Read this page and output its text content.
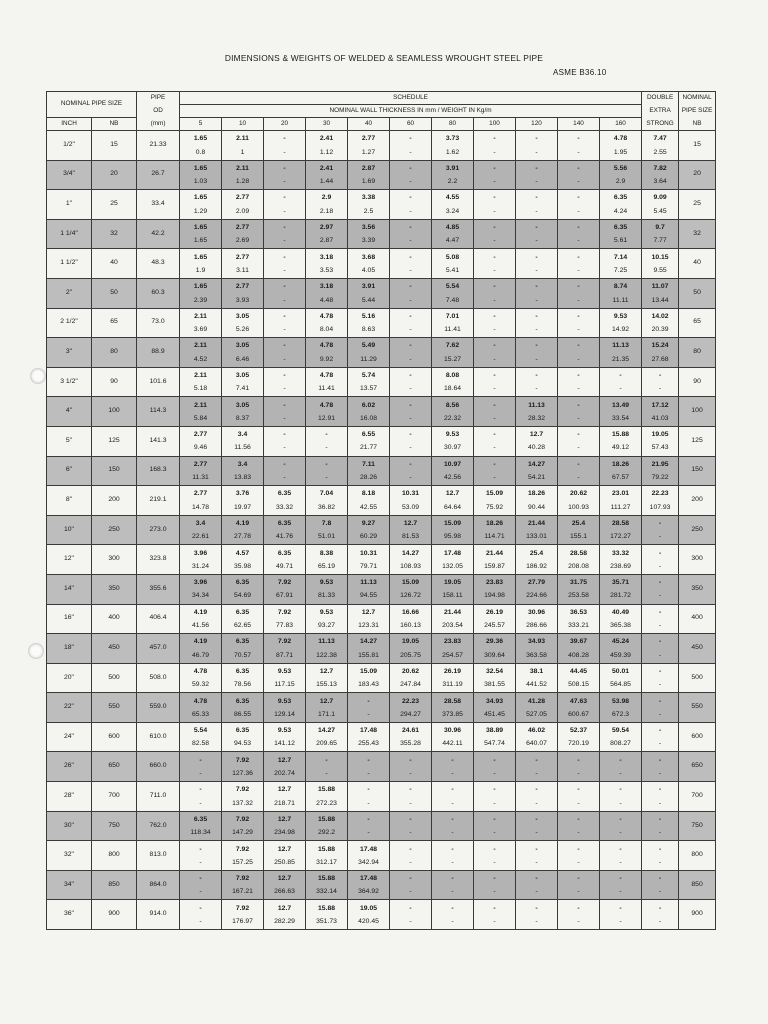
DIMENSIONS & WEIGHTS OF WELDED & SEAMLESS WROUGHT STEEL PIPE
ASME B36.10
NOMINAL PIPE SIZE		PIPE	SCHEDULE											DOUBLE	NOMINAL
		OD	NOMINAL WALL THICKNESS IN mm / WEIGHT IN Kg/m											EXTRA	PIPE SIZE
INCH	NB	(mm)	5	10	20	30	40	60	80	100	120	140	160	STRONG	NB
1/2"	15	21.33	1.65	2.11	-	2.41	2.77	-	3.73	-	-	-	4.78	7.47	15
			0.8	1	-	1.12	1.27	-	1.62	-	-	-	1.95	2.55	
3/4"	20	26.7	1.65	2.11	-	2.41	2.87	-	3.91	-	-	-	5.56	7.82	20
			1.03	1.28	-	1.44	1.69	-	2.2	-	-	-	2.9	3.64	
1"	25	33.4	1.65	2.77	-	2.9	3.38	-	4.55	-	-	-	6.35	9.09	25
			1.29	2.09	-	2.18	2.5	-	3.24	-	-	-	4.24	5.45	
1 1/4"	32	42.2	1.65	2.77	-	2.97	3.56	-	4.85	-	-	-	6.35	9.7	32
			1.65	2.69	-	2.87	3.39	-	4.47	-	-	-	5.61	7.77	
1 1/2"	40	48.3	1.65	2.77	-	3.18	3.68	-	5.08	-	-	-	7.14	10.15	40
			1.9	3.11	-	3.53	4.05	-	5.41	-	-	-	7.25	9.55	
2"	50	60.3	1.65	2.77	-	3.18	3.91	-	5.54	-	-	-	8.74	11.07	50
			2.39	3.93	-	4.48	5.44	-	7.48	-	-	-	11.11	13.44	
2 1/2"	65	73.0	2.11	3.05	-	4.78	5.16	-	7.01	-	-	-	9.53	14.02	65
			3.69	5.26	-	8.04	8.63	-	11.41	-	-	-	14.92	20.39	
3"	80	88.9	2.11	3.05	-	4.78	5.49	-	7.62	-	-	-	11.13	15.24	80
			4.52	6.46	-	9.92	11.29	-	15.27	-	-	-	21.35	27.68	
3 1/2"	90	101.6	2.11	3.05	-	4.78	5.74	-	8.08	-	-	-	-	-	90
			5.18	7.41	-	11.41	13.57	-	18.64	-	-	-	-	-	
4"	100	114.3	2.11	3.05	-	4.78	6.02	-	8.56	-	11.13	-	13.49	17.12	100
			5.84	8.37	-	12.91	16.08	-	22.32	-	28.32	-	33.54	41.03	
5"	125	141.3	2.77	3.4	-	-	6.55	-	9.53	-	12.7	-	15.88	19.05	125
			9.46	11.56	-	-	21.77	-	30.97	-	40.28	-	49.12	57.43	
6"	150	168.3	2.77	3.4	-	-	7.11	-	10.97	-	14.27	-	18.26	21.95	150
			11.31	13.83	-	-	28.26	-	42.56	-	54.21	-	67.57	79.22	
8"	200	219.1	2.77	3.76	6.35	7.04	8.18	10.31	12.7	15.09	18.26	20.62	23.01	22.23	200
			14.78	19.97	33.32	36.82	42.55	53.09	64.64	75.92	90.44	100.93	111.27	107.93	
10"	250	273.0	3.4	4.19	6.35	7.8	9.27	12.7	15.09	18.26	21.44	25.4	28.58	-	250
			22.61	27.78	41.76	51.01	60.29	81.53	95.98	114.71	133.01	155.1	172.27	-	
12"	300	323.8	3.96	4.57	6.35	8.38	10.31	14.27	17.48	21.44	25.4	28.58	33.32	-	300
			31.24	35.98	49.71	65.19	79.71	108.93	132.05	159.87	186.92	208.08	238.69	-	
14"	350	355.6	3.96	6.35	7.92	9.53	11.13	15.09	19.05	23.83	27.79	31.75	35.71	-	350
			34.34	54.69	67.91	81.33	94.55	126.72	158.11	194.98	224.66	253.58	281.72	-	
16"	400	406.4	4.19	6.35	7.92	9.53	12.7	16.66	21.44	26.19	30.96	36.53	40.49	-	400
			41.56	62.65	77.83	93.27	123.31	160.13	203.54	245.57	286.66	333.21	365.38	-	
18"	450	457.0	4.19	6.35	7.92	11.13	14.27	19.05	23.83	29.36	34.93	39.67	45.24	-	450
			46.79	70.57	87.71	122.38	155.81	205.75	254.57	309.64	363.58	408.28	459.39	-	
20"	500	508.0	4.78	6.35	9.53	12.7	15.09	20.62	26.19	32.54	38.1	44.45	50.01	-	500
			59.32	78.56	117.15	155.13	183.43	247.84	311.19	381.55	441.52	508.15	564.85	-	
22"	550	559.0	4.78	6.35	9.53	12.7	-	22.23	28.58	34.93	41.28	47.63	53.98	-	550
			65.33	86.55	129.14	171.1	-	294.27	373.85	451.45	527.05	600.67	672.3	-	
24"	600	610.0	5.54	6.35	9.53	14.27	17.48	24.61	30.96	38.89	46.02	52.37	59.54	-	600
			82.58	94.53	141.12	209.65	255.43	355.28	442.11	547.74	640.07	720.19	808.27	-	
26"	650	660.0	-	7.92	12.7	-	-	-	-	-	-	-	-	-	650
			-	127.36	202.74	-	-	-	-	-	-	-	-	-	
28"	700	711.0	-	7.92	12.7	15.88	-	-	-	-	-	-	-	-	700
			-	137.32	218.71	272.23	-	-	-	-	-	-	-	-	
30"	750	762.0	6.35	7.92	12.7	15.88	-	-	-	-	-	-	-	-	750
			118.34	147.29	234.98	292.2	-	-	-	-	-	-	-	-	
32"	800	813.0	-	7.92	12.7	15.88	17.48	-	-	-	-	-	-	-	800
			-	157.25	250.85	312.17	342.94	-	-	-	-	-	-	-	
34"	850	864.0	-	7.92	12.7	15.88	17.48	-	-	-	-	-	-	-	850
			-	167.21	266.63	332.14	364.92	-	-	-	-	-	-	-	
36"	900	914.0	-	7.92	12.7	15.88	19.05	-	-	-	-	-	-	-	900
			-	176.97	282.29	351.73	420.45	-	-	-	-	-	-	-	
